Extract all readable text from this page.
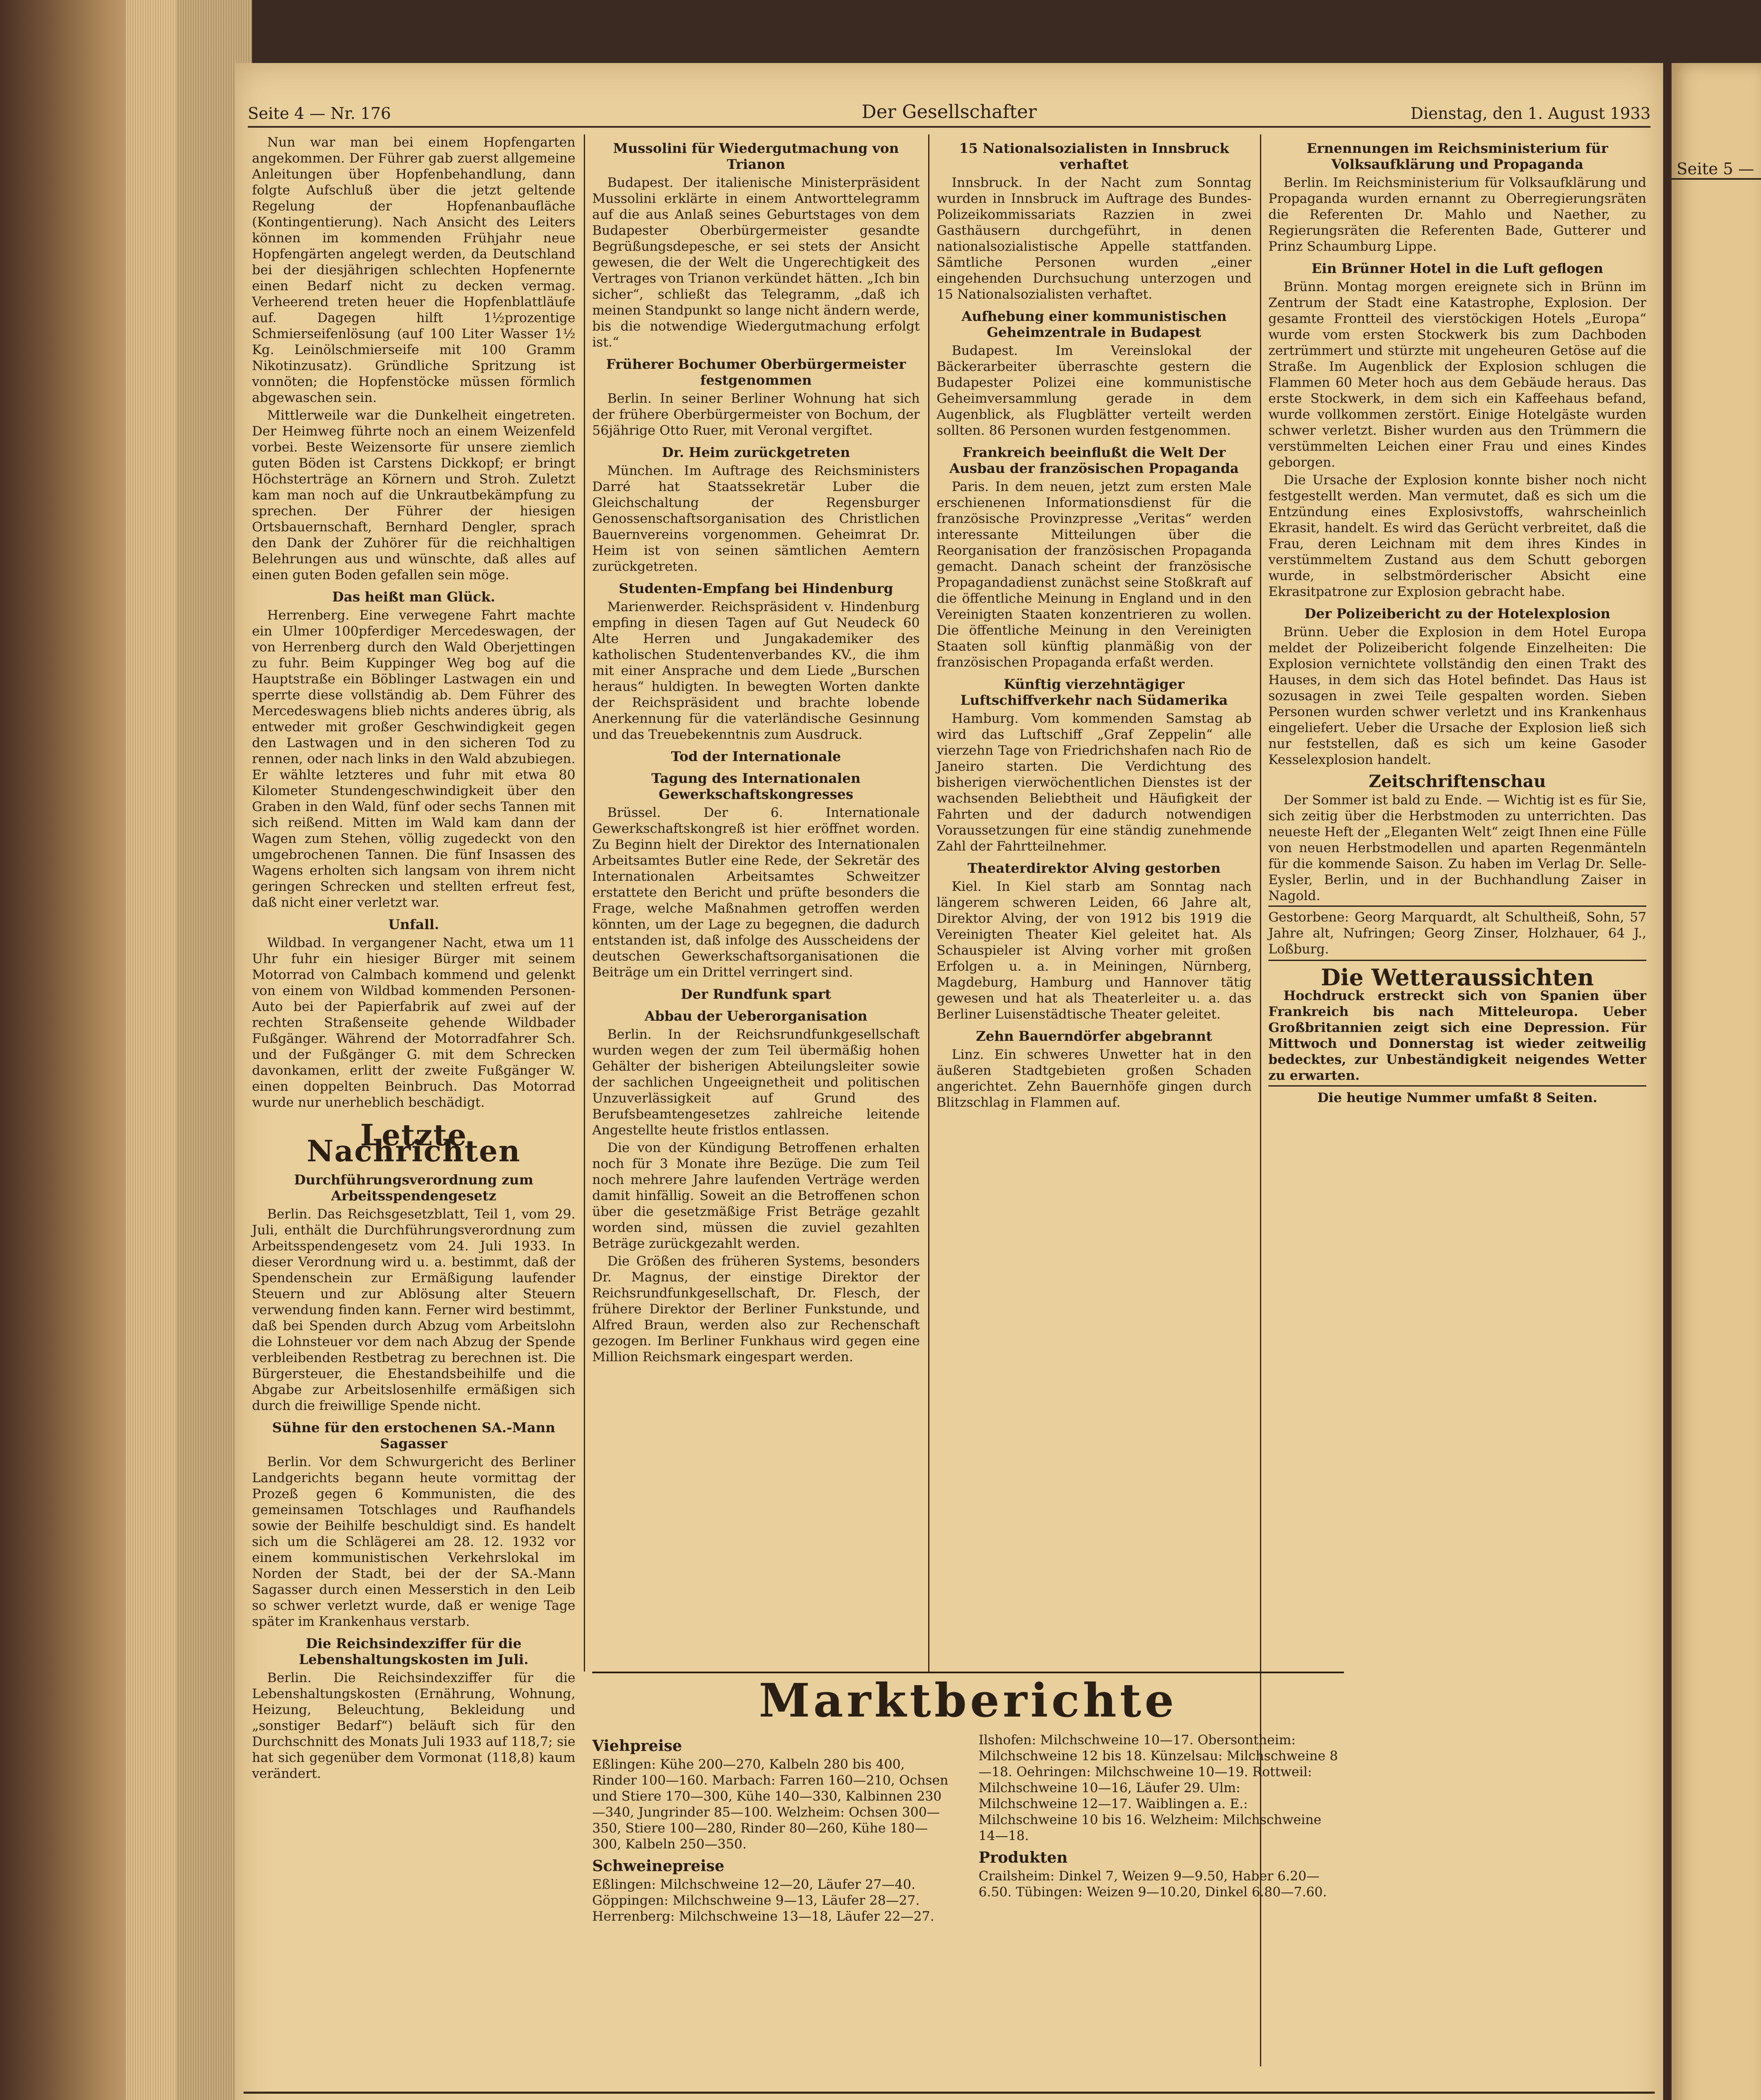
Seite 4 — Nr. 176	Der Gesellschafter	Dienstag, den 1. August 1933

Nun war man bei einem Hopfengarten angekommen. Der Führer gab zuerst allgemeine Anleitungen über Hopfenbehandlung, dann folgte Aufschluß über die jetzt geltende Regelung der Hopfenanbaufläche (Kontingentierung). Nach Ansicht des Leiters können im kommenden Frühjahr neue Hopfengärten angelegt werden, da Deutschland bei der diesjährigen schlechten Hopfenernte einen Bedarf nicht zu decken vermag. Verheerend treten heuer die Hopfenblattläufe auf. Dagegen hilft 1½prozentige Schmierseifenlösung (auf 100 Liter Wasser 1½ Kg. Leinölschmierseife mit 100 Gramm Nikotinzusatz). Gründliche Spritzung ist vonnöten; die Hopfenstöcke müssen förmlich abgewaschen sein.

Mittlerweile war die Dunkelheit eingetreten. Der Heimweg führte noch an einem Weizenfeld vorbei. Beste Weizensorte für unsere ziemlich guten Böden ist Carstens Dickkopf; er bringt Höchsterträge an Körnern und Stroh. Zuletzt kam man noch auf die Unkrautbekämpfung zu sprechen. Der Führer der hiesigen Ortsbauernschaft, Bernhard Dengler, sprach den Dank der Zuhörer für die reichhaltigen Belehrungen aus und wünschte, daß alles auf einen guten Boden gefallen sein möge.

Das heißt man Glück.

Herrenberg. Eine verwegene Fahrt machte ein Ulmer 100pferdiger Mercedeswagen, der von Herrenberg durch den Wald Oberjettingen zu fuhr. Beim Kuppinger Weg bog auf die Hauptstraße ein Böblinger Lastwagen ein und sperrte diese vollständig ab. Dem Führer des Mercedeswagens blieb nichts anderes übrig, als entweder mit großer Geschwindigkeit gegen den Lastwagen und in den sicheren Tod zu rennen, oder nach links in den Wald abzubiegen. Er wählte letzteres und fuhr mit etwa 80 Kilometer Stundengeschwindigkeit über den Graben in den Wald, fünf oder sechs Tannen mit sich reißend. Mitten im Wald kam dann der Wagen zum Stehen, völlig zugedeckt von den umgebrochenen Tannen. Die fünf Insassen des Wagens erholten sich langsam von ihrem nicht geringen Schrecken und stellten erfreut fest, daß nicht einer verletzt war.

Unfall.

Wildbad. In vergangener Nacht, etwa um 11 Uhr fuhr ein hiesiger Bürger mit seinem Motorrad von Calmbach kommend und gelenkt von einem von Wildbad kommenden Personen-Auto bei der Papierfabrik auf zwei auf der rechten Straßenseite gehende Wildbader Fußgänger. Während der Motorradfahrer Sch. und der Fußgänger G. mit dem Schrecken davonkamen, erlitt der zweite Fußgänger W. einen doppelten Beinbruch. Das Motorrad wurde nur unerheblich beschädigt.

Letzte Nachrichten
Durchführungsverordnung zum Arbeitsspendengesetz

Berlin. Das Reichsgesetzblatt, Teil 1, vom 29. Juli, enthält die Durchführungsverordnung zum Arbeitsspendengesetz vom 24. Juli 1933. In dieser Verordnung wird u. a. bestimmt, daß der Spendenschein zur Ermäßigung laufender Steuern und zur Ablösung alter Steuern verwendung finden kann. Ferner wird bestimmt, daß bei Spenden durch Abzug vom Arbeitslohn die Lohnsteuer vor dem nach Abzug der Spende verbleibenden Restbetrag zu berechnen ist. Die Bürgersteuer, die Ehestandsbeihilfe und die Abgabe zur Arbeitslosenhilfe ermäßigen sich durch die freiwillige Spende nicht.

Sühne für den erstochenen SA.-Mann Sagasser

Berlin. Vor dem Schwurgericht des Berliner Landgerichts begann heute vormittag der Prozeß gegen 6 Kommunisten, die des gemeinsamen Totschlages und Raufhandels sowie der Beihilfe beschuldigt sind. Es handelt sich um die Schlägerei am 28. 12. 1932 vor einem kommunistischen Verkehrslokal im Norden der Stadt, bei der der SA.-Mann Sagasser durch einen Messerstich in den Leib so schwer verletzt wurde, daß er wenige Tage später im Krankenhaus verstarb.

Die Reichsindexziffer für die Lebenshaltungskosten im Juli.

Berlin. Die Reichsindexziffer für die Lebenshaltungskosten (Ernährung, Wohnung, Heizung, Beleuchtung, Bekleidung und „sonstiger Bedarf“) beläuft sich für den Durchschnitt des Monats Juli 1933 auf 118,7; sie hat sich gegenüber dem Vormonat (118,8) kaum verändert.

Mussolini für Wiedergutmachung von Trianon

Budapest. Der italienische Ministerpräsident Mussolini erklärte in einem Antworttelegramm auf die aus Anlaß seines Geburtstages von dem Budapester Oberbürgermeister gesandte Begrüßungsdepesche, er sei stets der Ansicht gewesen, die der Welt die Ungerechtigkeit des Vertrages von Trianon verkündet hätten. „Ich bin sicher“, schließt das Telegramm, „daß ich meinen Standpunkt so lange nicht ändern werde, bis die notwendige Wiedergutmachung erfolgt ist.“

Früherer Bochumer Oberbürgermeister festgenommen

Berlin. In seiner Berliner Wohnung hat sich der frühere Oberbürgermeister von Bochum, der 56jährige Otto Ruer, mit Veronal vergiftet.

Dr. Heim zurückgetreten

München. Im Auftrage des Reichsministers Darré hat Staatssekretär Luber die Gleichschaltung der Regensburger Genossenschaftsorganisation des Christlichen Bauernvereins vorgenommen. Geheimrat Dr. Heim ist von seinen sämtlichen Aemtern zurückgetreten.

Studenten-Empfang bei Hindenburg

Marienwerder. Reichspräsident v. Hindenburg empfing in diesen Tagen auf Gut Neudeck 60 Alte Herren und Jungakademiker des katholischen Studentenverbandes KV., die ihm mit einer Ansprache und dem Liede „Burschen heraus“ huldigten. In bewegten Worten dankte der Reichspräsident und brachte lobende Anerkennung für die vaterländische Gesinnung und das Treuebekenntnis zum Ausdruck.

Tod der Internationale
Tagung des Internationalen Gewerkschaftskongresses

Brüssel. Der 6. Internationale Gewerkschaftskongreß ist hier eröffnet worden. Zu Beginn hielt der Direktor des Internationalen Arbeitsamtes Butler eine Rede, der Sekretär des Internationalen Arbeitsamtes Schweitzer erstattete den Bericht und prüfte besonders die Frage, welche Maßnahmen getroffen werden könnten, um der Lage zu begegnen, die dadurch entstanden ist, daß infolge des Ausscheidens der deutschen Gewerkschaftsorganisationen die Beiträge um ein Drittel verringert sind.

Der Rundfunk spart
Abbau der Ueberorganisation

Berlin. In der Reichsrundfunkgesellschaft wurden wegen der zum Teil übermäßig hohen Gehälter der bisherigen Abteilungsleiter sowie der sachlichen Ungeeignetheit und politischen Unzuverlässigkeit auf Grund des Berufsbeamtengesetzes zahlreiche leitende Angestellte heute fristlos entlassen.

Die von der Kündigung Betroffenen erhalten noch für 3 Monate ihre Bezüge. Die zum Teil noch mehrere Jahre laufenden Verträge werden damit hinfällig. Soweit an die Betroffenen schon über die gesetzmäßige Frist Beträge gezahlt worden sind, müssen die zuviel gezahlten Beträge zurückgezahlt werden.

Die Größen des früheren Systems, besonders Dr. Magnus, der einstige Direktor der Reichsrundfunkgesellschaft, Dr. Flesch, der frühere Direktor der Berliner Funkstunde, und Alfred Braun, werden also zur Rechenschaft gezogen. Im Berliner Funkhaus wird gegen eine Million Reichsmark eingespart werden.

15 Nationalsozialisten in Innsbruck verhaftet

Innsbruck. In der Nacht zum Sonntag wurden in Innsbruck im Auftrage des Bundes-Polizeikommissariats Razzien in zwei Gasthäusern durchgeführt, in denen nationalsozialistische Appelle stattfanden. Sämtliche Personen wurden „einer eingehenden Durchsuchung unterzogen und 15 Nationalsozialisten verhaftet.

Aufhebung einer kommunistischen Geheimzentrale in Budapest

Budapest. Im Vereinslokal der Bäckerarbeiter überraschte gestern die Budapester Polizei eine kommunistische Geheimversammlung gerade in dem Augenblick, als Flugblätter verteilt werden sollten. 86 Personen wurden festgenommen.

Frankreich beeinflußt die Welt Der Ausbau der französischen Propaganda

Paris. In dem neuen, jetzt zum ersten Male erschienenen Informationsdienst für die französische Provinzpresse „Veritas“ werden interessante Mitteilungen über die Reorganisation der französischen Propaganda gemacht. Danach scheint der französische Propagandadienst zunächst seine Stoßkraft auf die öffentliche Meinung in England und in den Vereinigten Staaten konzentrieren zu wollen. Die öffentliche Meinung in den Vereinigten Staaten soll künftig planmäßig von der französischen Propaganda erfaßt werden.

Künftig vierzehntägiger Luftschiffverkehr nach Südamerika

Hamburg. Vom kommenden Samstag ab wird das Luftschiff „Graf Zeppelin“ alle vierzehn Tage von Friedrichshafen nach Rio de Janeiro starten. Die Verdichtung des bisherigen vierwöchentlichen Dienstes ist der wachsenden Beliebtheit und Häufigkeit der Fahrten und der dadurch notwendigen Voraussetzungen für eine ständig zunehmende Zahl der Fahrtteilnehmer.

Theaterdirektor Alving gestorben

Kiel. In Kiel starb am Sonntag nach längerem schweren Leiden, 66 Jahre alt, Direktor Alving, der von 1912 bis 1919 die Vereinigten Theater Kiel geleitet hat. Als Schauspieler ist Alving vorher mit großen Erfolgen u. a. in Meiningen, Nürnberg, Magdeburg, Hamburg und Hannover tätig gewesen und hat als Theaterleiter u. a. das Berliner Luisenstädtische Theater geleitet.

Zehn Bauerndörfer abgebrannt

Linz. Ein schweres Unwetter hat in den äußeren Stadtgebieten großen Schaden angerichtet. Zehn Bauernhöfe gingen durch Blitzschlag in Flammen auf.

Ernennungen im Reichsministerium für Volksaufklärung und Propaganda

Berlin. Im Reichsministerium für Volksaufklärung und Propaganda wurden ernannt zu Oberregierungsräten die Referenten Dr. Mahlo und Naether, zu Regierungsräten die Referenten Bade, Gutterer und Prinz Schaumburg Lippe.

Ein Brünner Hotel in die Luft geflogen

Brünn. Montag morgen ereignete sich in Brünn im Zentrum der Stadt eine Katastrophe, Explosion. Der gesamte Frontteil des vierstöckigen Hotels „Europa“ wurde vom ersten Stockwerk bis zum Dachboden zertrümmert und stürzte mit ungeheuren Getöse auf die Straße. Im Augenblick der Explosion schlugen die Flammen 60 Meter hoch aus dem Gebäude heraus. Das erste Stockwerk, in dem sich ein Kaffeehaus befand, wurde vollkommen zerstört. Einige Hotelgäste wurden schwer verletzt. Bisher wurden aus den Trümmern die verstümmelten Leichen einer Frau und eines Kindes geborgen.

Die Ursache der Explosion konnte bisher noch nicht festgestellt werden. Man vermutet, daß es sich um die Entzündung eines Explosivstoffs, wahrscheinlich Ekrasit, handelt. Es wird das Gerücht verbreitet, daß die Frau, deren Leichnam mit dem ihres Kindes in verstümmeltem Zustand aus dem Schutt geborgen wurde, in selbstmörderischer Absicht eine Ekrasitpatrone zur Explosion gebracht habe.

Der Polizeibericht zu der Hotelexplosion

Brünn. Ueber die Explosion in dem Hotel Europa meldet der Polizeibericht folgende Einzelheiten: Die Explosion vernichtete vollständig den einen Trakt des Hauses, in dem sich das Hotel befindet. Das Haus ist sozusagen in zwei Teile gespalten worden. Sieben Personen wurden schwer verletzt und ins Krankenhaus eingeliefert. Ueber die Ursache der Explosion ließ sich nur feststellen, daß es sich um keine Gasoder Kesselexplosion handelt.

Zeitschriftenschau

Der Sommer ist bald zu Ende. — Wichtig ist es für Sie, sich zeitig über die Herbstmoden zu unterrichten. Das neueste Heft der „Eleganten Welt“ zeigt Ihnen eine Fülle von neuen Herbstmodellen und aparten Regenmänteln für die kommende Saison. Zu haben im Verlag Dr. Selle-Eysler, Berlin, und in der Buchhandlung Zaiser in Nagold.

Gestorbene: Georg Marquardt, alt Schultheiß, Sohn, 57 Jahre alt, Nufringen; Georg Zinser, Holzhauer, 64 J., Loßburg.

Die Wetteraussichten

Hochdruck erstreckt sich von Spanien über Frankreich bis nach Mitteleuropa. Ueber Großbritannien zeigt sich eine Depression. Für Mittwoch und Donnerstag ist wieder zeitweilig bedecktes, zur Unbeständigkeit neigendes Wetter zu erwarten.

Die heutige Nummer umfaßt 8 Seiten.

Marktberichte
Viehpreise
Eßlingen: Kühe 200—270, Kalbeln 280 bis 400, Rinder 100—160. Marbach: Farren 160—210, Ochsen und Stiere 170—300, Kühe 140—330, Kalbinnen 230—340, Jungrinder 85—100. Welzheim: Ochsen 300—350, Stiere 100—280, Rinder 80—260, Kühe 180—300, Kalbeln 250—350.
Schweinepreise
Eßlingen: Milchschweine 12—20, Läufer 27—40. Göppingen: Milchschweine 9—13, Läufer 28—27. Herrenberg: Milchschweine 13—18, Läufer 22—27.
Ilshofen: Milchschweine 10—17. Obersontheim: Milchschweine 12 bis 18. Künzelsau: Milchschweine 8—18. Oehringen: Milchschweine 10—19. Rottweil: Milchschweine 10—16, Läufer 29. Ulm: Milchschweine 12—17. Waiblingen a. E.: Milchschweine 10 bis 16. Welzheim: Milchschweine 14—18.
Produkten
Crailsheim: Dinkel 7, Weizen 9—9.50, Haber 6.20—6.50. Tübingen: Weizen 9—10.20, Dinkel 6.80—7.60.
Seite 5 —
